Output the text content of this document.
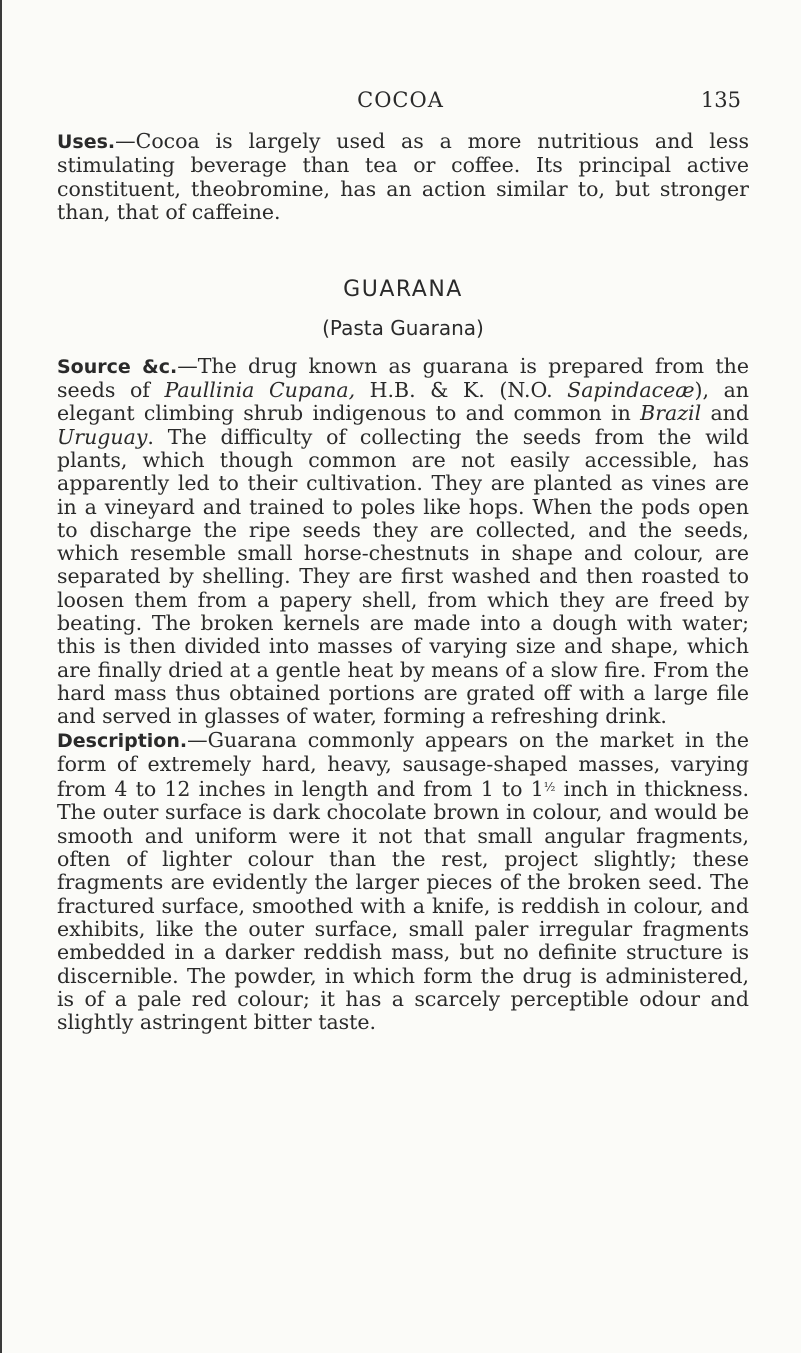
COCOA	135

Uses.—Cocoa is largely used as a more nutritious and less stimulating beverage than tea or coffee. Its principal active constituent, theobromine, has an action similar to, but stronger than, that of caffeine.

GUARANA
(Pasta Guarana)

Source &c.—The drug known as guarana is prepared from the seeds of Paullinia Cupana, H.B. & K. (N.O. Sapindaceæ), an elegant climbing shrub indigenous to and common in Brazil and Uruguay. The difficulty of collecting the seeds from the wild plants, which though common are not easily accessible, has apparently led to their cultivation. They are planted as vines are in a vineyard and trained to poles like hops. When the pods open to discharge the ripe seeds they are collected, and the seeds, which resemble small horse-chestnuts in shape and colour, are separated by shelling. They are first washed and then roasted to loosen them from a papery shell, from which they are freed by beating. The broken kernels are made into a dough with water; this is then divided into masses of varying size and shape, which are finally dried at a gentle heat by means of a slow fire. From the hard mass thus obtained portions are grated off with a large file and served in glasses of water, forming a refreshing drink.

Description.—Guarana commonly appears on the market in the form of extremely hard, heavy, sausage-shaped masses, varying from 4 to 12 inches in length and from 1 to $1^{\frac{1}{2}}$ inch in thickness. The outer surface is dark chocolate brown in colour, and would be smooth and uniform were it not that small angular fragments, often of lighter colour than the rest, project slightly; these fragments are evidently the larger pieces of the broken seed. The fractured surface, smoothed with a knife, is reddish in colour, and exhibits, like the outer surface, small paler irregular fragments embedded in a darker reddish mass, but no definite structure is discernible. The powder, in which form the drug is administered, is of a pale red colour; it has a scarcely perceptible odour and slightly astringent bitter taste.
